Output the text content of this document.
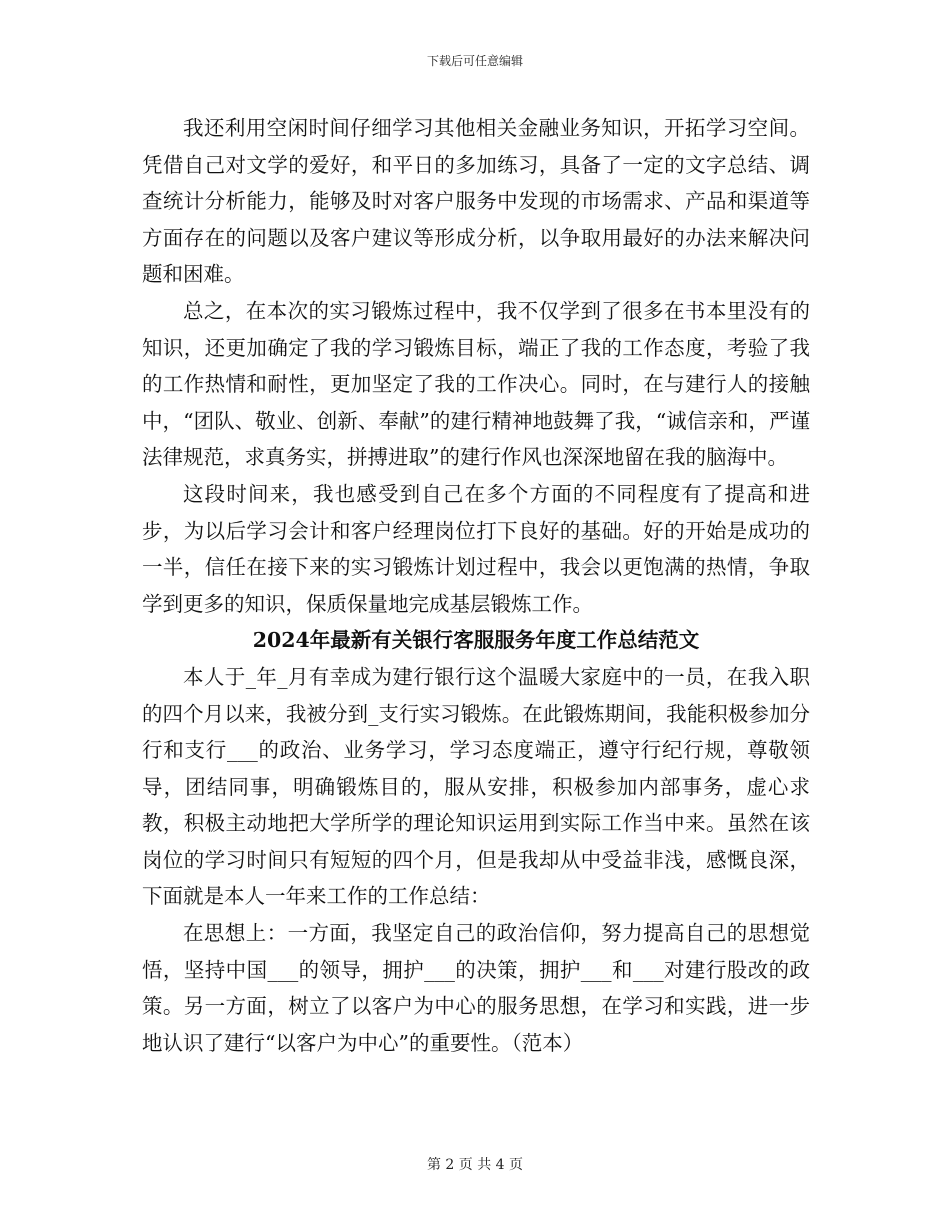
下载后可任意编辑

我还利用空闲时间仔细学习其他相关金融业务知识，开拓学习空间。凭借自己对文学的爱好，和平日的多加练习，具备了一定的文字总结、调查统计分析能力，能够及时对客户服务中发现的市场需求、产品和渠道等方面存在的问题以及客户建议等形成分析，以争取用最好的办法来解决问题和困难。

总之，在本次的实习锻炼过程中，我不仅学到了很多在书本里没有的知识，还更加确定了我的学习锻炼目标，端正了我的工作态度，考验了我的工作热情和耐性，更加坚定了我的工作决心。同时，在与建行人的接触中，“团队、敬业、创新、奉献”的建行精神地鼓舞了我，“诚信亲和，严谨法律规范，求真务实，拼搏进取”的建行作风也深深地留在我的脑海中。

这段时间来，我也感受到自己在多个方面的不同程度有了提高和进步，为以后学习会计和客户经理岗位打下良好的基础。好的开始是成功的一半，信任在接下来的实习锻炼计划过程中，我会以更饱满的热情，争取学到更多的知识，保质保量地完成基层锻炼工作。

2024年最新有关银行客服服务年度工作总结范文

本人于_年_月有幸成为建行银行这个温暖大家庭中的一员，在我入职的四个月以来，我被分到_支行实习锻炼。在此锻炼期间，我能积极参加分行和支行___的政治、业务学习，学习态度端正，遵守行纪行规，尊敬领导，团结同事，明确锻炼目的，服从安排，积极参加内部事务，虚心求教，积极主动地把大学所学的理论知识运用到实际工作当中来。虽然在该岗位的学习时间只有短短的四个月，但是我却从中受益非浅，感慨良深，下面就是本人一年来工作的工作总结：

在思想上：一方面，我坚定自己的政治信仰，努力提高自己的思想觉悟，坚持中国___的领导，拥护___的决策，拥护___和___对建行股改的政策。另一方面，树立了以客户为中心的服务思想，在学习和实践，进一步地认识了建行“以客户为中心”的重要性。（范本）

第 2 页 共 4 页
